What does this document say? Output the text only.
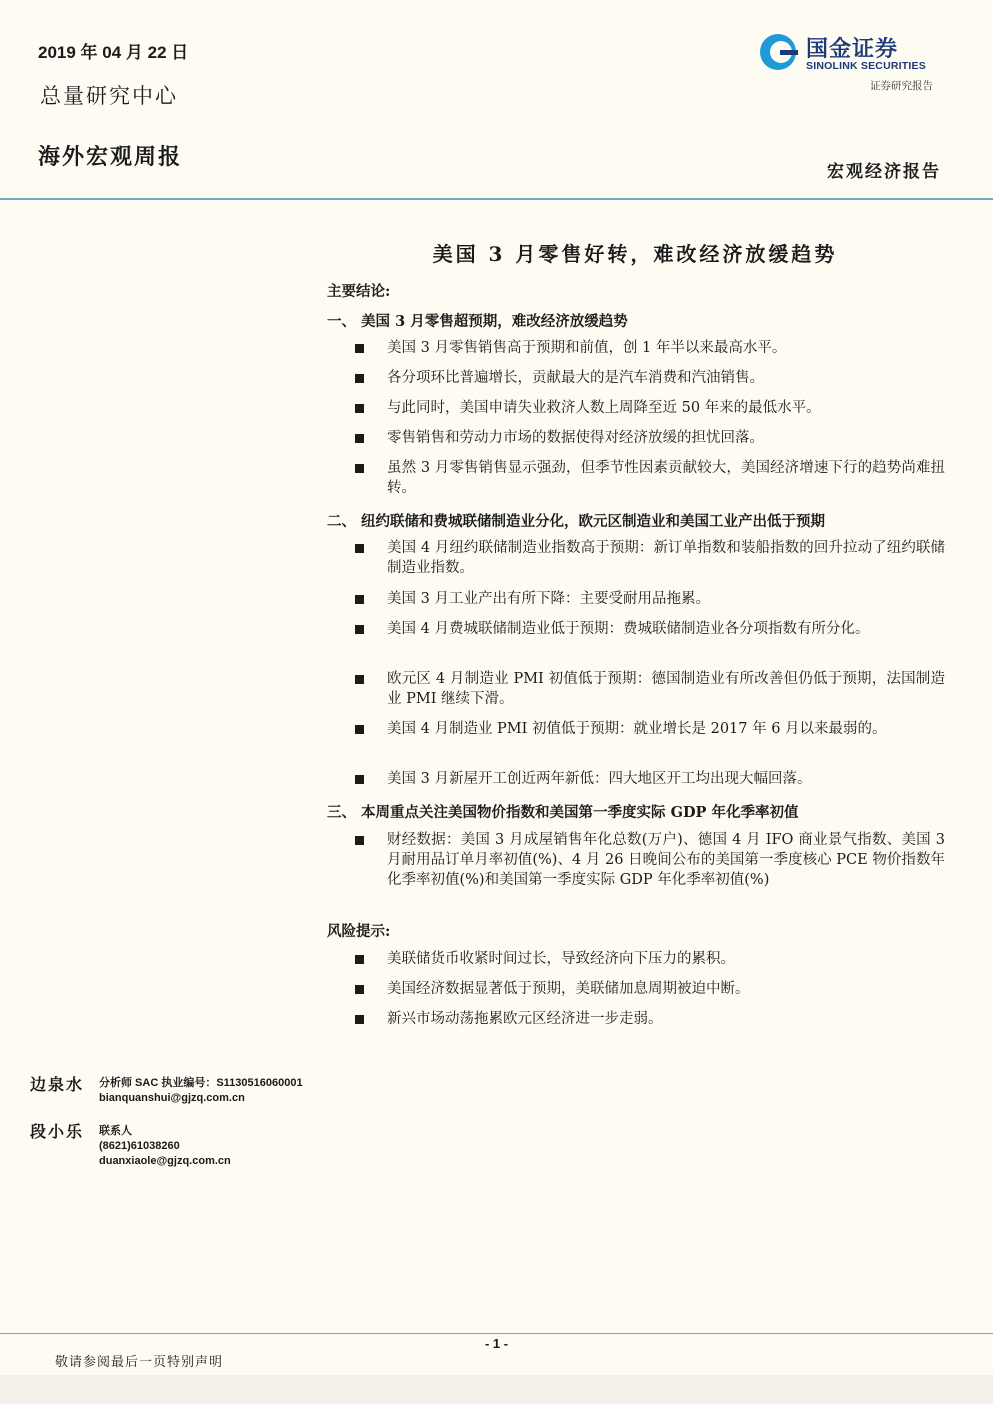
2019 年 04 月 22 日
总量研究中心
海外宏观周报
国金证券
SINOLINK SECURITIES
证券研究报告
宏观经济报告
美国 3 月零售好转，难改经济放缓趋势
主要结论:
一、 美国 3 月零售超预期，难改经济放缓趋势
美国 3 月零售销售高于预期和前值，创 1 年半以来最高水平。
各分项环比普遍增长，贡献最大的是汽车消费和汽油销售。
与此同时，美国申请失业救济人数上周降至近 50 年来的最低水平。
零售销售和劳动力市场的数据使得对经济放缓的担忧回落。
虽然 3 月零售销售显示强劲，但季节性因素贡献较大，美国经济增速下行的趋势尚难扭转。
二、 纽约联储和费城联储制造业分化，欧元区制造业和美国工业产出低于预期
美国 4 月纽约联储制造业指数高于预期：新订单指数和装船指数的回升拉动了纽约联储制造业指数。
美国 3 月工业产出有所下降：主要受耐用品拖累。
美国 4 月费城联储制造业低于预期：费城联储制造业各分项指数有所分化。
欧元区 4 月制造业 PMI 初值低于预期：德国制造业有所改善但仍低于预期，法国制造业 PMI 继续下滑。
美国 4 月制造业 PMI 初值低于预期：就业增长是 2017 年 6 月以来最弱的。
美国 3 月新屋开工创近两年新低：四大地区开工均出现大幅回落。
三、 本周重点关注美国物价指数和美国第一季度实际 GDP 年化季率初值
财经数据：美国 3 月成屋销售年化总数(万户)、德国 4 月 IFO 商业景气指数、美国 3 月耐用品订单月率初值(%)、4 月 26 日晚间公布的美国第一季度核心 PCE 物价指数年化季率初值(%)和美国第一季度实际 GDP 年化季率初值(%)
风险提示:
美联储货币收紧时间过长，导致经济向下压力的累积。
美国经济数据显著低于预期，美联储加息周期被迫中断。
新兴市场动荡拖累欧元区经济进一步走弱。
边泉水 分析师 SAC 执业编号：S1130516060001
bianquanshui@gjzq.com.cn
段小乐 联系人
(8621)61038260
duanxiaole@gjzq.com.cn
- 1 -
敬请参阅最后一页特别声明
